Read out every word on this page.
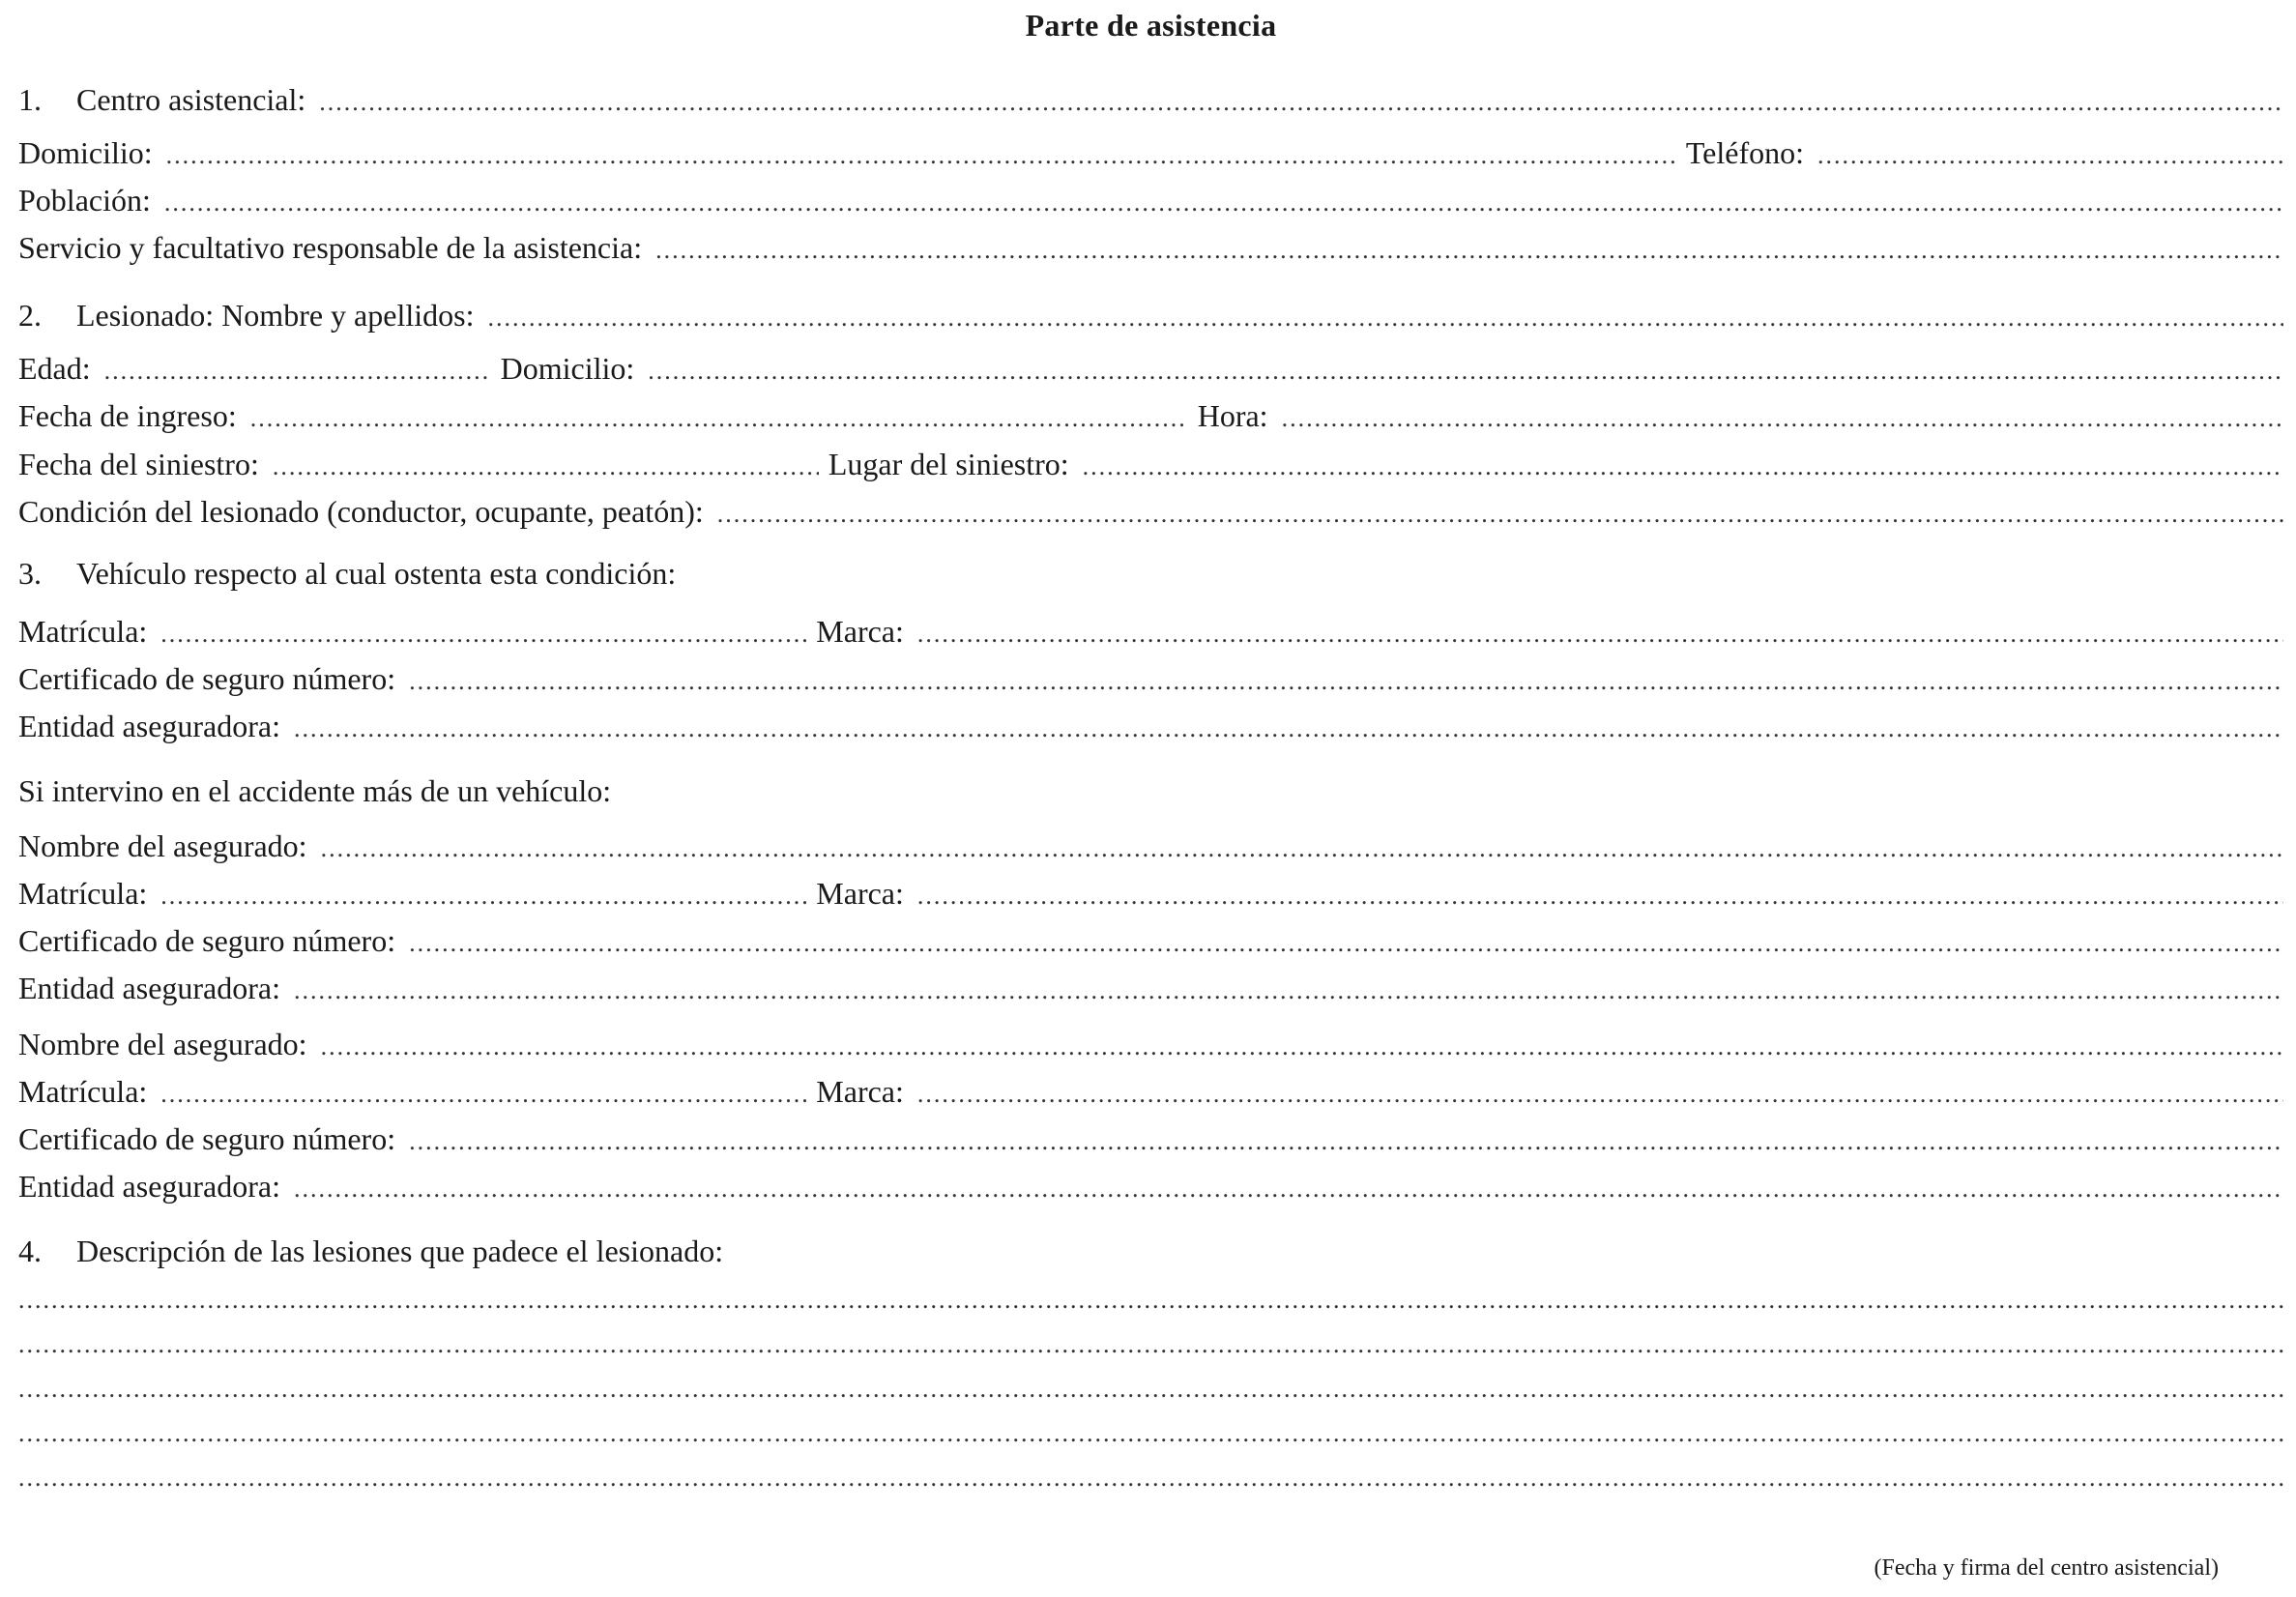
Parte de asistencia
1.	Centro asistencial:
.....
Domicilio: .....	Teléfono:
.....
Población:
.....
Servicio y facultativo responsable de la asistencia:
.....
2.	Lesionado: Nombre y apellidos:
.....
Edad: .....	Domicilio:
.....
Fecha de ingreso: .....	Hora:
.....
Fecha del siniestro: .....	Lugar del siniestro:
.....
Condición del lesionado (conductor, ocupante, peatón):
.....
3.	Vehículo respecto al cual ostenta esta condición:
Matrícula: .....	Marca:
.....
Certificado de seguro número:
.....
Entidad aseguradora:
.....
Si intervino en el accidente más de un vehículo:
Nombre del asegurado:
.....
Matrícula: .....	Marca:
.....
Certificado de seguro número:
.....
Entidad aseguradora:
.....
Nombre del asegurado:
.....
Matrícula: .....	Marca:
.....
Certificado de seguro número:
.....
Entidad aseguradora:
.....
4.	Descripción de las lesiones que padece el lesionado:
.....
.....
.....
.....
.....
(Fecha y firma del centro asistencial)
